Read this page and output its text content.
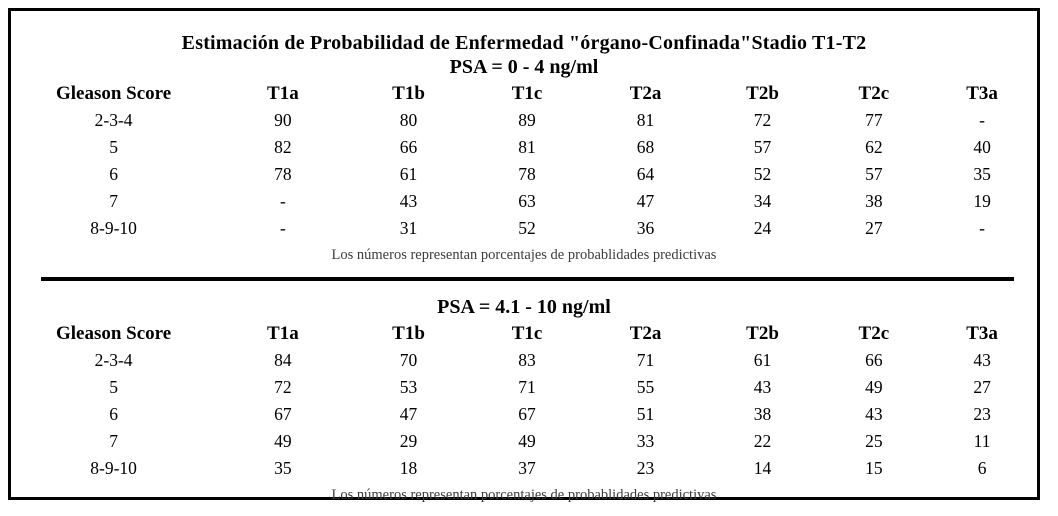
Estimación de Probabilidad de Enfermedad "órgano-Confinada"Stadio T1-T2
PSA = 0 - 4 ng/ml
Gleason Score	T1a	T1b	T1c	T2a	T2b	T2c	T3a
2-3-4	90	80	89	81	72	77	-
5	82	66	81	68	57	62	40
6	78	61	78	64	52	57	35
7	-	43	63	47	34	38	19
8-9-10	-	31	52	36	24	27	-
Los números representan porcentajes de probablidades predictivas
PSA = 4.1 - 10 ng/ml
Gleason Score	T1a	T1b	T1c	T2a	T2b	T2c	T3a
2-3-4	84	70	83	71	61	66	43
5	72	53	71	55	43	49	27
6	67	47	67	51	38	43	23
7	49	29	49	33	22	25	11
8-9-10	35	18	37	23	14	15	6
Los números representan porcentajes de probablidades predictivas
